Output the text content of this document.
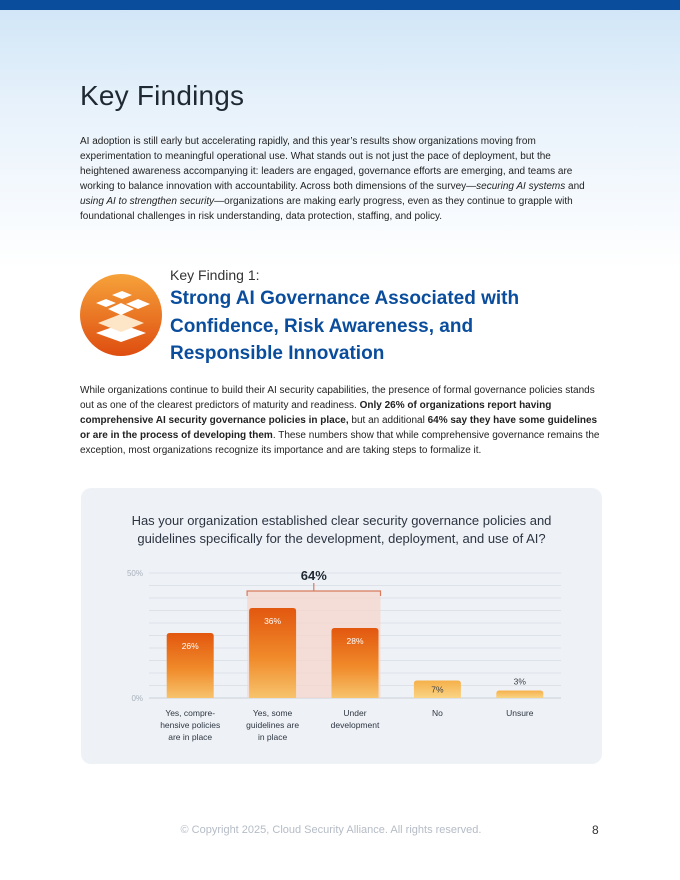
Key Findings

AI adoption is still early but accelerating rapidly, and this year’s results show organizations moving from experimentation to meaningful operational use. What stands out is not just the pace of deployment, but the heightened awareness accompanying it: leaders are engaged, governance efforts are emerging, and teams are working to balance innovation with accountability. Across both dimensions of the survey—securing AI systems and using AI to strengthen security—organizations are making early progress, even as they continue to grapple with foundational challenges in risk understanding, data protection, staffing, and policy.

Key Finding 1:
Strong AI Governance Associated with Confidence, Risk Awareness, and Responsible Innovation

While organizations continue to build their AI security capabilities, the presence of formal governance policies stands out as one of the clearest predictors of maturity and readiness. Only 26% of organizations report having comprehensive AI security governance policies in place, but an additional 64% say they have some guidelines or are in the process of developing them. These numbers show that while comprehensive governance remains the exception, most organizations recognize its importance and are taking steps to formalize it.

Has your organization established clear security governance policies and
guidelines specifically for the development, deployment, and use of AI?
0%
50%	64%
26%
36%
28%
7%
3%
Yes, compre-
hensive policies
are in place
Yes, some
guidelines are
in place
Under
development
No	Unsure
© Copyright 2025, Cloud Security Alliance. All rights reserved.	8
